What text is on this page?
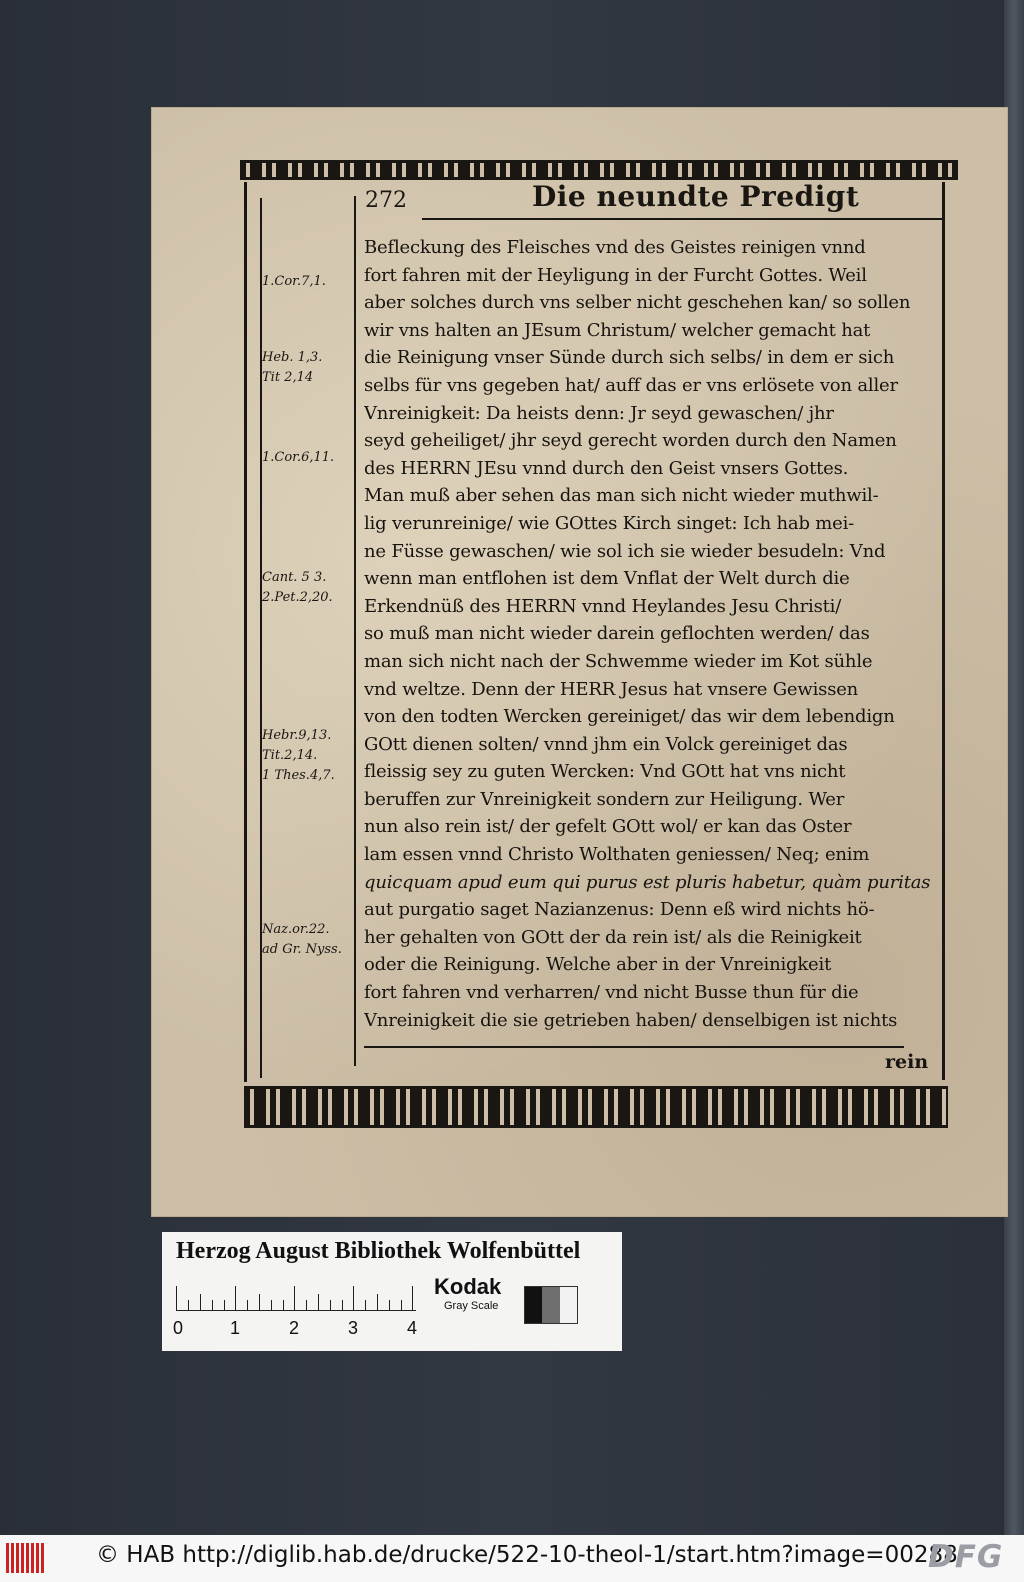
272	Die neundte Predigt
1.Cor.7,1.
Heb. 1,3.
Tit 2,14
1.Cor.6,11.
Cant. 5 3.
2.Pet.2,20.
Hebr.9,13.
Tit.2,14.
1 Thes.4,7.
Naz.or.22.
ad Gr. Nyss.
Befleckung des Fleisches vnd des Geistes reinigen vnnd
fort fahren mit der Heyligung in der Furcht Gottes. Weil
aber solches durch vns selber nicht geschehen kan/ so sollen
wir vns halten an JEsum Christum/ welcher gemacht hat
die Reinigung vnser Sünde durch sich selbs/ in dem er sich
selbs für vns gegeben hat/ auff das er vns erlösete von aller
Vnreinigkeit: Da heists denn: Jr seyd gewaschen/ jhr
seyd geheiliget/ jhr seyd gerecht worden durch den Namen
des HERRN JEsu vnnd durch den Geist vnsers Gottes.
Man muß aber sehen das man sich nicht wieder muthwil-
lig verunreinige/ wie GOttes Kirch singet: Ich hab mei-
ne Füsse gewaschen/ wie sol ich sie wieder besudeln: Vnd
wenn man entflohen ist dem Vnflat der Welt durch die
Erkendnüß des HERRN vnnd Heylandes Jesu Christi/
so muß man nicht wieder darein geflochten werden/ das
man sich nicht nach der Schwemme wieder im Kot sühle
vnd weltze. Denn der HERR Jesus hat vnsere Gewissen
von den todten Wercken gereiniget/ das wir dem lebendign
GOtt dienen solten/ vnnd jhm ein Volck gereiniget das
fleissig sey zu guten Wercken: Vnd GOtt hat vns nicht
beruffen zur Vnreinigkeit sondern zur Heiligung. Wer
nun also rein ist/ der gefelt GOtt wol/ er kan das Oster
lam essen vnnd Christo Wolthaten geniessen/ Neq; enim
quicquam apud eum qui purus est pluris habetur, quàm puritas
aut purgatio saget Nazianzenus: Denn eß wird nichts hö-
her gehalten von GOtt der da rein ist/ als die Reinigkeit
oder die Reinigung. Welche aber in der Vnreinigkeit
fort fahren vnd verharren/ vnd nicht Busse thun für die
Vnreinigkeit die sie getrieben haben/ denselbigen ist nichts
rein
Herzog August Bibliothek Wolfenbüttel
0	1	2	3	4
Kodak
Gray Scale
© HAB http://diglib.hab.de/drucke/522-10-theol-1/start.htm?image=00288
DFG
